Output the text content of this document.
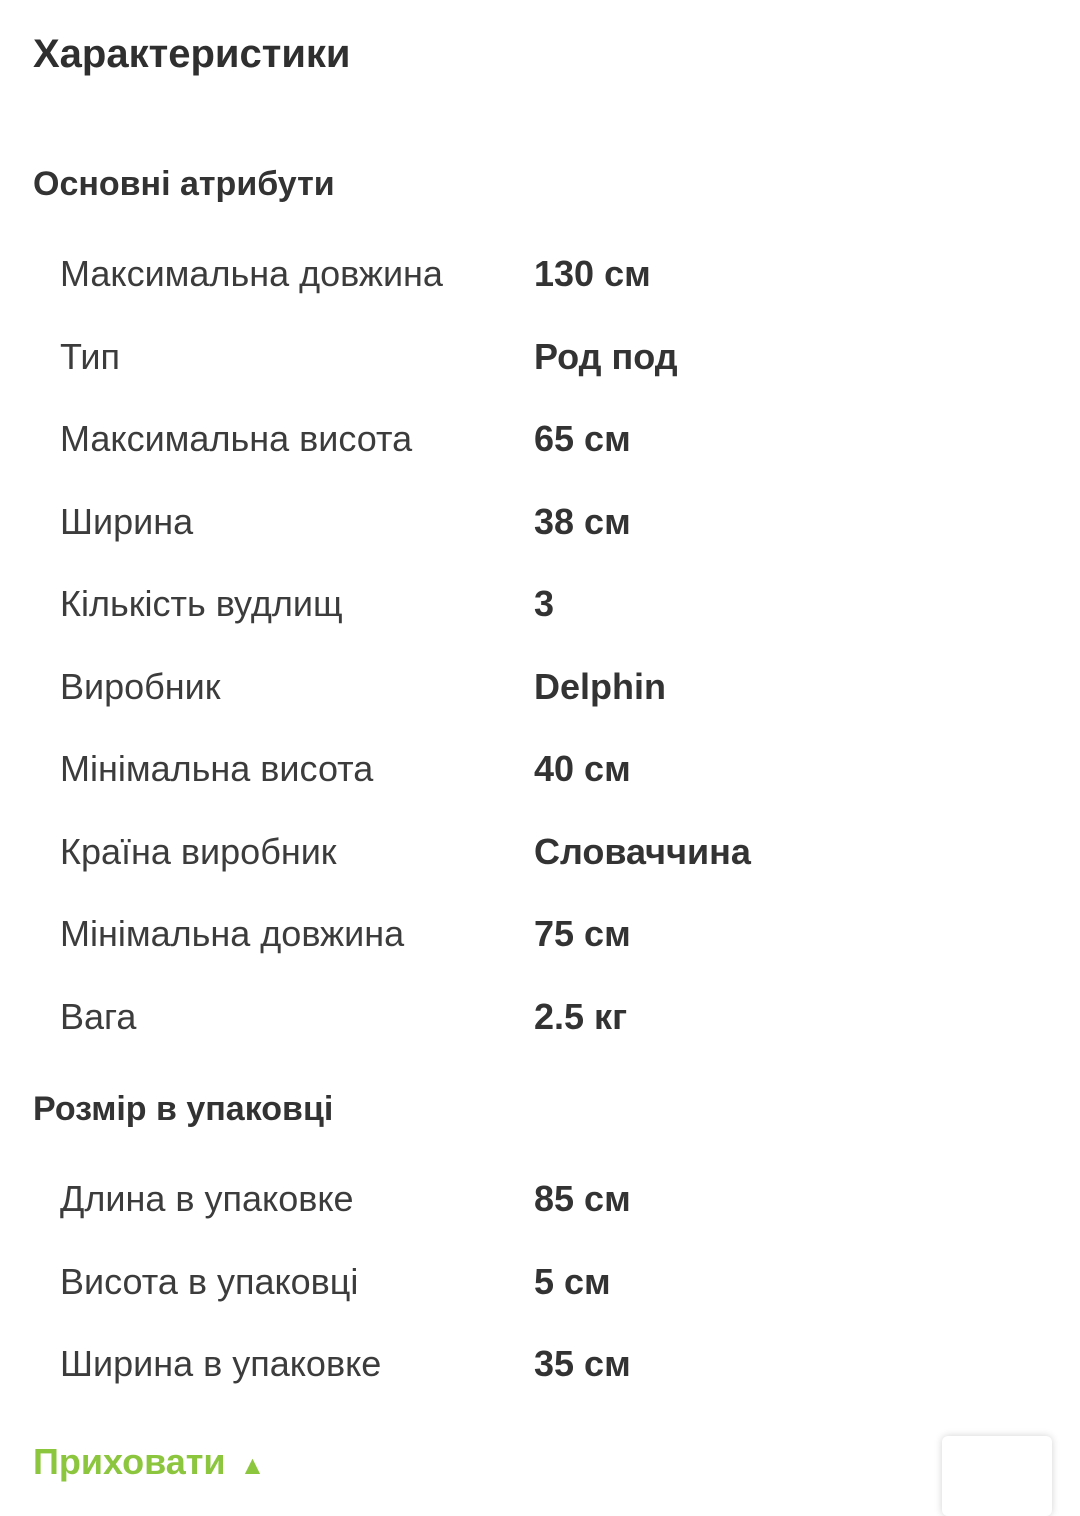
Характеристики
Основні атрибути
Максимальна довжина	130 см
Тип	Род под
Максимальна висота	65 см
Ширина	38 см
Кількість вудлищ	3
Виробник	Delphin
Мінімальна висота	40 см
Країна виробник	Словаччина
Мінімальна довжина	75 см
Вага	2.5 кг
Розмір в упаковці
Длина в упаковке	85 см
Висота в упаковці	5 см
Ширина в упаковке	35 см
Приховати ▲
